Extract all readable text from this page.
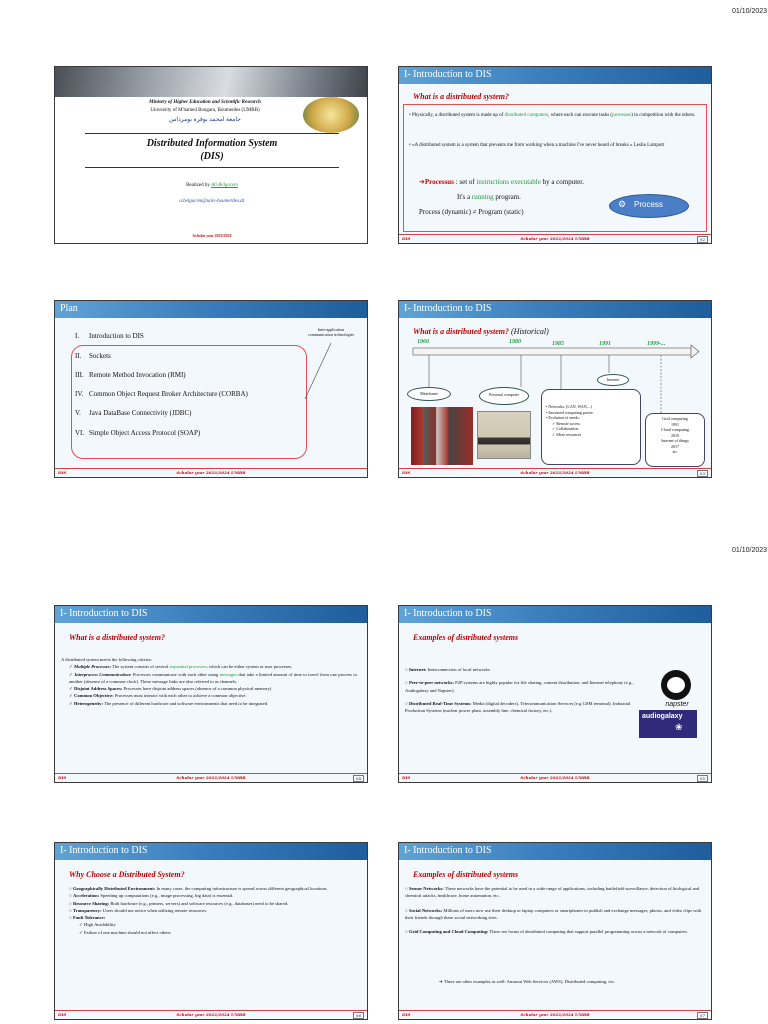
01/10/2023
01/10/2023
Ministry of Higher Education and Scientific Research
University of M'hamed Bougara, Boumerdes (UMBB)
جامعة امحمد بوقرة بومرداس
Distributed Information System
(DIS)
Realized by Ali Belgacem
a.belgacem@univ-boumerdes.dz
Scholar year 2023/2024
I- Introduction to DIS
What is a distributed system?
• Physically, a distributed system is made up of distributed computers, where each can execute tasks (processes) in competition with the others.
• «A distributed system is a system that prevents me from working when a machine I've never heard of breaks » Leslie Lamport
➔Processus : set of instructions executable by a computer.
It's a running program.
Process (dynamic) ≠ Program (static)
⚙ Process
DIS	Scholar year 2023/2024 UMBB	02
Plan
I. Introduction to DIS
II. Sockets
III. Remote Method Invocation (RMI)
IV. Common Object Request Broker Architecture (CORBA)
V. Java DataBase Connectivity (JDBC)
VI. Simple Object Access Protocol (SOAP)
Inter-application communication technologies
DIS	Scholar year 2023/2024 UMBB
I- Introduction to DIS
What is a distributed system? (Historical)
1960	1980	1985	1991	1999-...
Mainframe	Personal computer
Internet
• Networks: (LAN, WAN,...)
• Increased computing power.
• Evolution of needs:
✓ Remote access
✓ Collaboration
✓ More resources
Grid computing
1991
Cloud computing
2010
Internet of things
2017
etc
DIS	Scholar year 2023/2024 UMBB	03
I- Introduction to DIS
What is a distributed system?
A distributed system meets the following criteria:
✓ Multiple Processes: The system consists of several sequential processes, which can be either system or user processes.
✓ Interprocess Communication: Processes communicate with each other using messages that take a limited amount of time to travel from one process to another (absence of a common clock). These message links are also referred to as channels.
✓ Disjoint Address Spaces: Processes have disjoint address spaces (absence of a common physical memory)
✓ Common Objective: Processes must interact with each other to achieve a common objective.
✓ Heterogeneity: The presence of different hardware and software environments that need to be integrated.
DIS	Scholar year 2023/2024 UMBB	04
I- Introduction to DIS
Examples of distributed systems
○ Internet: Interconnection of local networks.
○ Peer-to-peer networks: P2P systems are highly popular for file sharing, content distribution, and Internet telephony (e.g., Audiogalaxy and Napster).
○ Distributed Real-Time Systems: Media (digital decoders), Telecommunication Services (e.g GSM terminal), Industrial Production Systems (nuclear power plant, assembly line, chemical factory, etc.).
napster
audiogalaxy
❀
DIS	Scholar year 2023/2024 UMBB	05
I- Introduction to DIS
Why Choose a Distributed System?
○ Geographically Distributed Environment: In many cases, the computing infrastructure is spread across different geographical locations.
○ Acceleration: Speeding up computations (e.g., image processing, big data) is essential.
○ Resource Sharing: Both hardware (e.g., printers, servers) and software resources (e.g., databases) need to be shared.
○ Transparency: Users should not notice when utilizing remote resources.
○ Fault Tolerance:
✓ High Availability
✓ Failure of one machine should not affect others
DIS	Scholar year 2023/2024 UMBB	06
I- Introduction to DIS
Examples of distributed systems
○ Sensor Networks: These networks have the potential to be used in a wide range of applications, including battlefield surveillance, detection of biological and chemical attacks, healthcare, home automation, etc.
○ Social Networks: Millions of users now use their desktop or laptop computers or smartphones to publish and exchange messages, photos, and video clips with their friends through these social networking sites.
○ Grid Computing and Cloud Computing: These are forms of distributed computing that support parallel programming across a network of computers.
➔ There are other examples as well: Amazon Web Services (AWS), Distributed computing, etc.
DIS	Scholar year 2023/2024 UMBB	07
